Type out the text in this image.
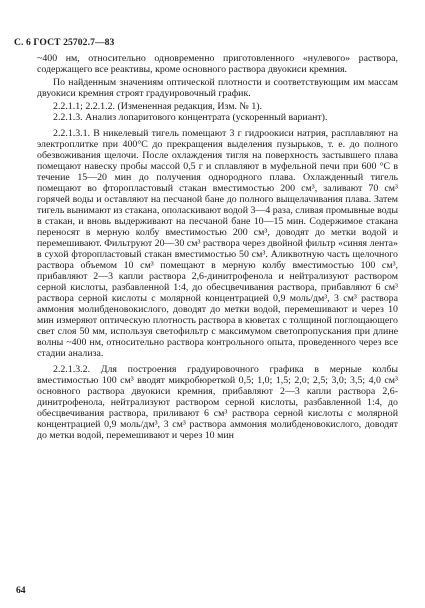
С. 6 ГОСТ 25702.7—83

~400 нм, относительно одновременно приготовленного «нулевого» раствора, содержащего все реактивы, кроме основного раствора двуокиси кремния.

По найденным значениям оптической плотности и соответствующим им массам двуокиси кремния строят градуировочный график.

2.2.1.1; 2.2.1.2. (Измененная редакция, Изм. № 1).

2.2.1.3. Анализ лопаритового концентрата (ускоренный вариант).

2.2.1.3.1. В никелевый тигель помещают 3 г гидроокиси натрия, расплавляют на электроплитке при 400°С до прекращения выделения пузырьков, т. е. до полного обезвоживания щелочи. После охлаждения тигля на поверхность застывшего плава помещают навеску пробы массой 0,5 г и сплавляют в муфельной печи при 600 °С в течение 15—20 мин до получения однородного плава. Охлажденный тигель помещают во фторопластовый стакан вместимостью 200 см³, заливают 70 см³ горячей воды и оставляют на песчаной бане до полного выщелачивания плава. Затем тигель вынимают из стакана, ополаскивают водой 3—4 раза, сливая промывные воды в стакан, и вновь выдерживают на песчаной бане 10—15 мин. Содержимое стакана переносят в мерную колбу вместимостью 200 см³, доводят до метки водой и перемешивают. Фильтруют 20—30 см³ раствора через двойной фильтр «синяя лента» в сухой фторопластовый стакан вместимостью 50 см³. Аликвотную часть щелочного раствора объемом 10 см³ помещают в мерную колбу вместимостью 100 см³, прибавляют 2—3 капли раствора 2,6-динитрофенола и нейтрализуют раствором серной кислоты, разбавленной 1:4, до обесцвечивания раствора, прибавляют 6 см³ раствора серной кислоты с молярной концентрацией 0,9 моль/дм³, 3 см³ раствора аммония молибденовокислого, доводят до метки водой, перемешивают и через 10 мин измеряют оптическую плотность раствора в кюветах с толщиной поглощающего свет слоя 50 мм, используя светофильтр с максимумом светопропускания при длине волны ~400 нм, относительно раствора контрольного опыта, проведенного через все стадии анализа.

2.2.1.3.2. Для построения градуировочного графика в мерные колбы вместимостью 100 см³ вводят микробюреткой 0,5; 1,0; 1,5; 2,0; 2,5; 3,0; 3,5; 4,0 см³ основного раствора двуокиси кремния, прибавляют 2—3 капли раствора 2,6-динитрофенола, нейтрализуют раствором серной кислоты, разбавленной 1:4, до обесцвечивания раствора, приливают 6 см³ раствора серной кислоты с молярной концентрацией 0,9 моль/дм³, 3 см³ раствора аммония молибденовокислого, доводят до метки водой, перемешивают и через 10 мин

64
